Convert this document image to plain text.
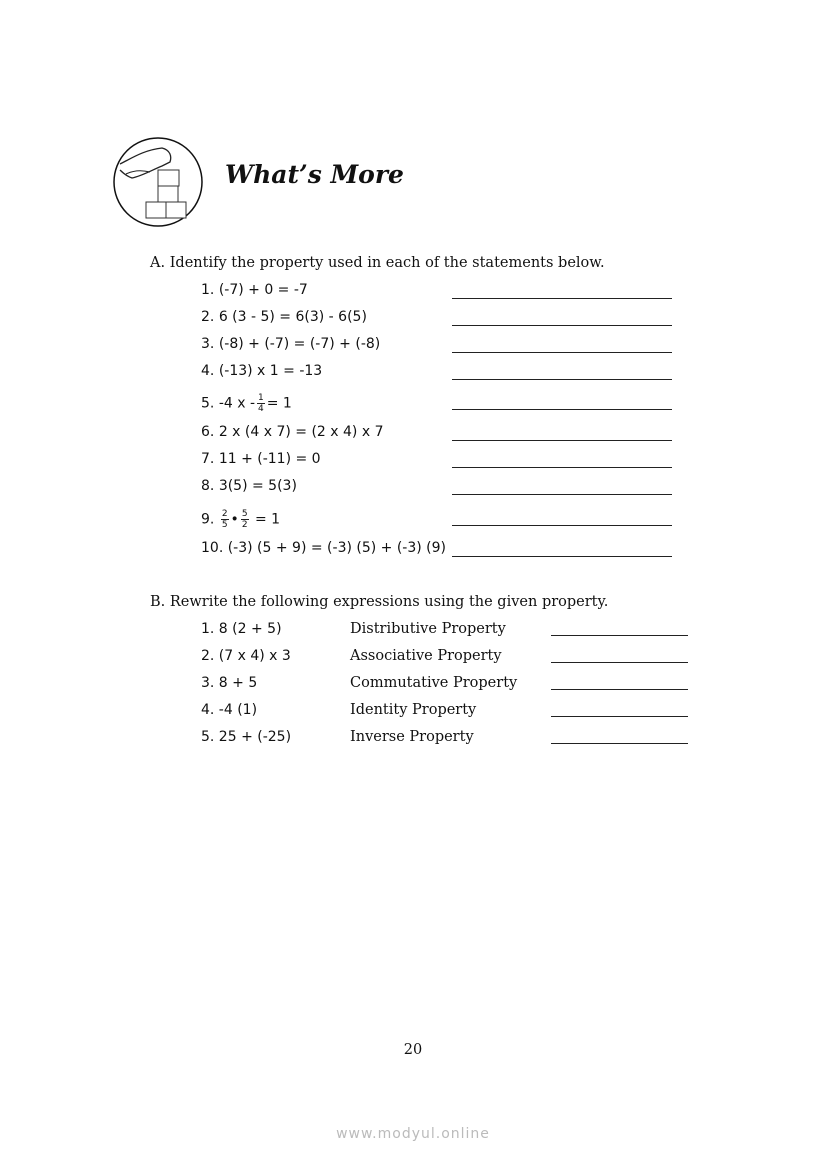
What’s More
A. Identify the property used in each of the statements below.
B. Rewrite the following expressions using the given property.
20
www.modyul.online
1. (-7) + 0 = -7
2. 6 (3 - 5) = 6(3) - 6(5)
3. (-8) + (-7) = (-7) + (-8)
4. (-13) x 1 = -13
5. -4 $x - \frac{1}{4} = 1$
6. 2 x (4 x 7) = (2 x 4) x 7
7. 11 + (-11) = 0
8. 3(5) = 5(3)
9. $\frac{2}{5}$ • $\frac{5}{2} = 1$
10. (-3) (5 + 9) = (-3) (5) + (-3) (9)
1. 8 (2 + 5)	Distributive Property
2. (7 x 4) x 3	Associative Property
3. 8 + 5	Commutative Property
4. -4 (1)	Identity Property
5. 25 + (-25)	Inverse Property
